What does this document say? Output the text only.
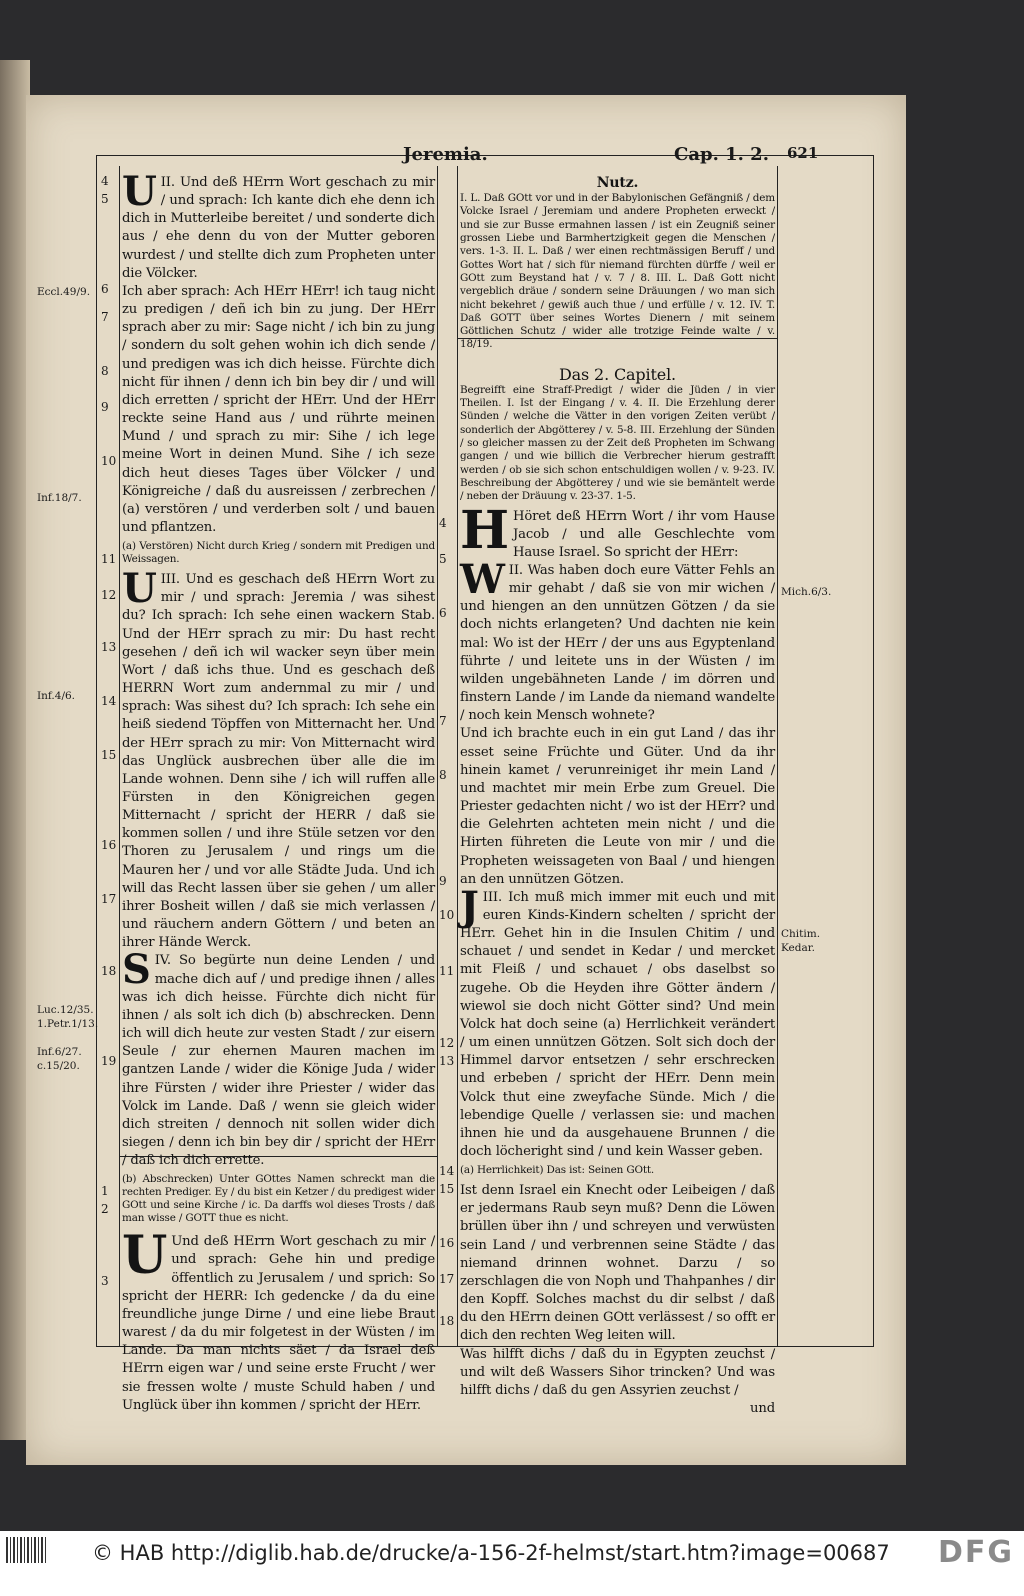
Jeremia.	Cap. 1. 2. 621

UII. Und deß HErrn Wort geschach zu mir / und sprach: Ich kante dich ehe denn ich dich in Mutterleibe bereitet / und sonderte dich aus / ehe denn du von der Mutter geboren wurdest / und stellte dich zum Propheten unter die Völcker.

Ich aber sprach: Ach HErr HErr! ich taug nicht zu predigen / deñ ich bin zu jung. Der HErr sprach aber zu mir: Sage nicht / ich bin zu jung / sondern du solt gehen wohin ich dich sende / und predigen was ich dich heisse. Fürchte dich nicht für ihnen / denn ich bin bey dir / und will dich erretten / spricht der HErr. Und der HErr reckte seine Hand aus / und rührte meinen Mund / und sprach zu mir: Sihe / ich lege meine Wort in deinen Mund. Sihe / ich seze dich heut dieses Tages über Völcker / und Königreiche / daß du ausreissen / zerbrechen / (a) verstören / und verderben solt / und bauen und pflantzen.

(a) Verstören) Nicht durch Krieg / sondern mit Predigen und Weissagen.

UIII. Und es geschach deß HErrn Wort zu mir / und sprach: Jeremia / was sihest du? Ich sprach: Ich sehe einen wackern Stab. Und der HErr sprach zu mir: Du hast recht gesehen / deñ ich wil wacker seyn über mein Wort / daß ichs thue. Und es geschach deß HERRN Wort zum andernmal zu mir / und sprach: Was sihest du? Ich sprach: Ich sehe ein heiß siedend Töpffen von Mitternacht her. Und der HErr sprach zu mir: Von Mitternacht wird das Unglück ausbrechen über alle die im Lande wohnen. Denn sihe / ich will ruffen alle Fürsten in den Königreichen gegen Mitternacht / spricht der HERR / daß sie kommen sollen / und ihre Stüle setzen vor den Thoren zu Jerusalem / und rings um die Mauren her / und vor alle Städte Juda. Und ich will das Recht lassen über sie gehen / um aller ihrer Bosheit willen / daß sie mich verlassen / und räuchern andern Göttern / und beten an ihrer Hände Werck.

SIV. So begürte nun deine Lenden / und mache dich auf / und predige ihnen / alles was ich dich heisse. Fürchte dich nicht für ihnen / als solt ich dich (b) abschrecken. Denn ich will dich heute zur vesten Stadt / zur eisern Seule / zur ehernen Mauren machen im gantzen Lande / wider die Könige Juda / wider ihre Fürsten / wider ihre Priester / wider das Volck im Lande. Daß / wenn sie gleich wider dich streiten / dennoch nit sollen wider dich siegen / denn ich bin bey dir / spricht der HErr / daß ich dich errette.

(b) Abschrecken) Unter GOttes Namen schreckt man die rechten Prediger. Ey / du bist ein Ketzer / du predigest wider GOtt und seine Kirche / ic. Da darffs wol dieses Trosts / daß man wisse / GOTT thue es nicht.

U Und deß HErrn Wort geschach zu mir / und sprach: Gehe hin und predige öffentlich zu Jerusalem / und sprich: So spricht der HERR: Ich gedencke / da du eine freundliche junge Dirne / und eine liebe Braut warest / da du mir folgetest in der Wüsten / im Lande. Da man nichts säet / da Israel deß HErrn eigen war / und seine erste Frucht / wer sie fressen wolte / muste Schuld haben / und Unglück über ihn kommen / spricht der HErr.

4
5
6
7
8
9
10
11
12
13
14
15
16
17
18
19
1
2
3
Eccl.49/9.
Inf.18/7.
Inf.4/6.
Luc.12/35.
1.Petr.1/13.
Inf.6/27.
c.15/20.

Nutz.

I. L. Daß GOtt vor und in der Babylonischen Gefängniß / dem Volcke Israel / Jeremiam und andere Propheten erweckt / und sie zur Busse ermahnen lassen / ist ein Zeugniß seiner grossen Liebe und Barmhertzigkeit gegen die Menschen / vers. 1-3. II. L. Daß / wer einen rechtmässigen Beruff / und Gottes Wort hat / sich für niemand fürchten dürffe / weil er GOtt zum Beystand hat / v. 7 / 8. III. L. Daß Gott nicht vergeblich dräue / sondern seine Dräuungen / wo man sich nicht bekehret / gewiß auch thue / und erfülle / v. 12. IV. T. Daß GOTT über seines Wortes Dienern / mit seinem Göttlichen Schutz / wider alle trotzige Feinde walte / v. 18/19.

Das 2. Capitel.

Begreifft eine Straff-Predigt / wider die Jüden / in vier Theilen. I. Ist der Eingang / v. 4. II. Die Erzehlung derer Sünden / welche die Vätter in den vorigen Zeiten verübt / sonderlich der Abgötterey / v. 5-8. III. Erzehlung der Sünden / so gleicher massen zu der Zeit deß Propheten im Schwang gangen / und wie billich die Verbrecher hierum gestrafft werden / ob sie sich schon entschuldigen wollen / v. 9-23. IV. Beschreibung der Abgötterey / und wie sie bemäntelt werde / neben der Dräuung v. 23-37. 1-5.

H Höret deß HErrn Wort / ihr vom Hause Jacob / und alle Geschlechte vom Hause Israel. So spricht der HErr:

WII. Was haben doch eure Vätter Fehls an mir gehabt / daß sie von mir wichen / und hiengen an den unnützen Götzen / da sie doch nichts erlangeten? Und dachten nie kein mal: Wo ist der HErr / der uns aus Egyptenland führte / und leitete uns in der Wüsten / im wilden ungebähneten Lande / im dörren und finstern Lande / im Lande da niemand wandelte / noch kein Mensch wohnete?

Und ich brachte euch in ein gut Land / das ihr esset seine Früchte und Güter. Und da ihr hinein kamet / verunreiniget ihr mein Land / und machtet mir mein Erbe zum Greuel. Die Priester gedachten nicht / wo ist der HErr? und die Gelehrten achteten mein nicht / und die Hirten führeten die Leute von mir / und die Propheten weissageten von Baal / und hiengen an den unnützen Götzen.

JIII. Ich muß mich immer mit euch und mit euren Kinds-Kindern schelten / spricht der HErr. Gehet hin in die Insulen Chitim / und schauet / und sendet in Kedar / und mercket mit Fleiß / und schauet / obs daselbst so zugehe. Ob die Heyden ihre Götter ändern / wiewol sie doch nicht Götter sind? Und mein Volck hat doch seine (a) Herrlichkeit verändert / um einen unnützen Götzen. Solt sich doch der Himmel darvor entsetzen / sehr erschrecken und erbeben / spricht der HErr. Denn mein Volck thut eine zweyfache Sünde. Mich / die lebendige Quelle / verlassen sie: und machen ihnen hie und da ausgehauene Brunnen / die doch löcheright sind / und kein Wasser geben.

(a) Herrlichkeit) Das ist: Seinen GOtt.

Ist denn Israel ein Knecht oder Leibeigen / daß er jedermans Raub seyn muß? Denn die Löwen brüllen über ihn / und schreyen und verwüsten sein Land / und verbrennen seine Städte / das niemand drinnen wohnet. Darzu / so zerschlagen die von Noph und Thahpanhes / dir den Kopff. Solches machst du dir selbst / daß du den HErrn deinen GOtt verlässest / so offt er dich den rechten Weg leiten will.

Was hilfft dichs / daß du in Egypten zeuchst / und wilt deß Wassers Sihor trincken? Und was hilfft dichs / daß du gen Assyrien zeuchst /

und

4
5
6
7
8
9
10
11
12
13
14
15
16
17
18
Mich.6/3.
Chitim.
Kedar.
© HAB http://diglib.hab.de/drucke/a-156-2f-helmst/start.htm?image=00687 DFG
